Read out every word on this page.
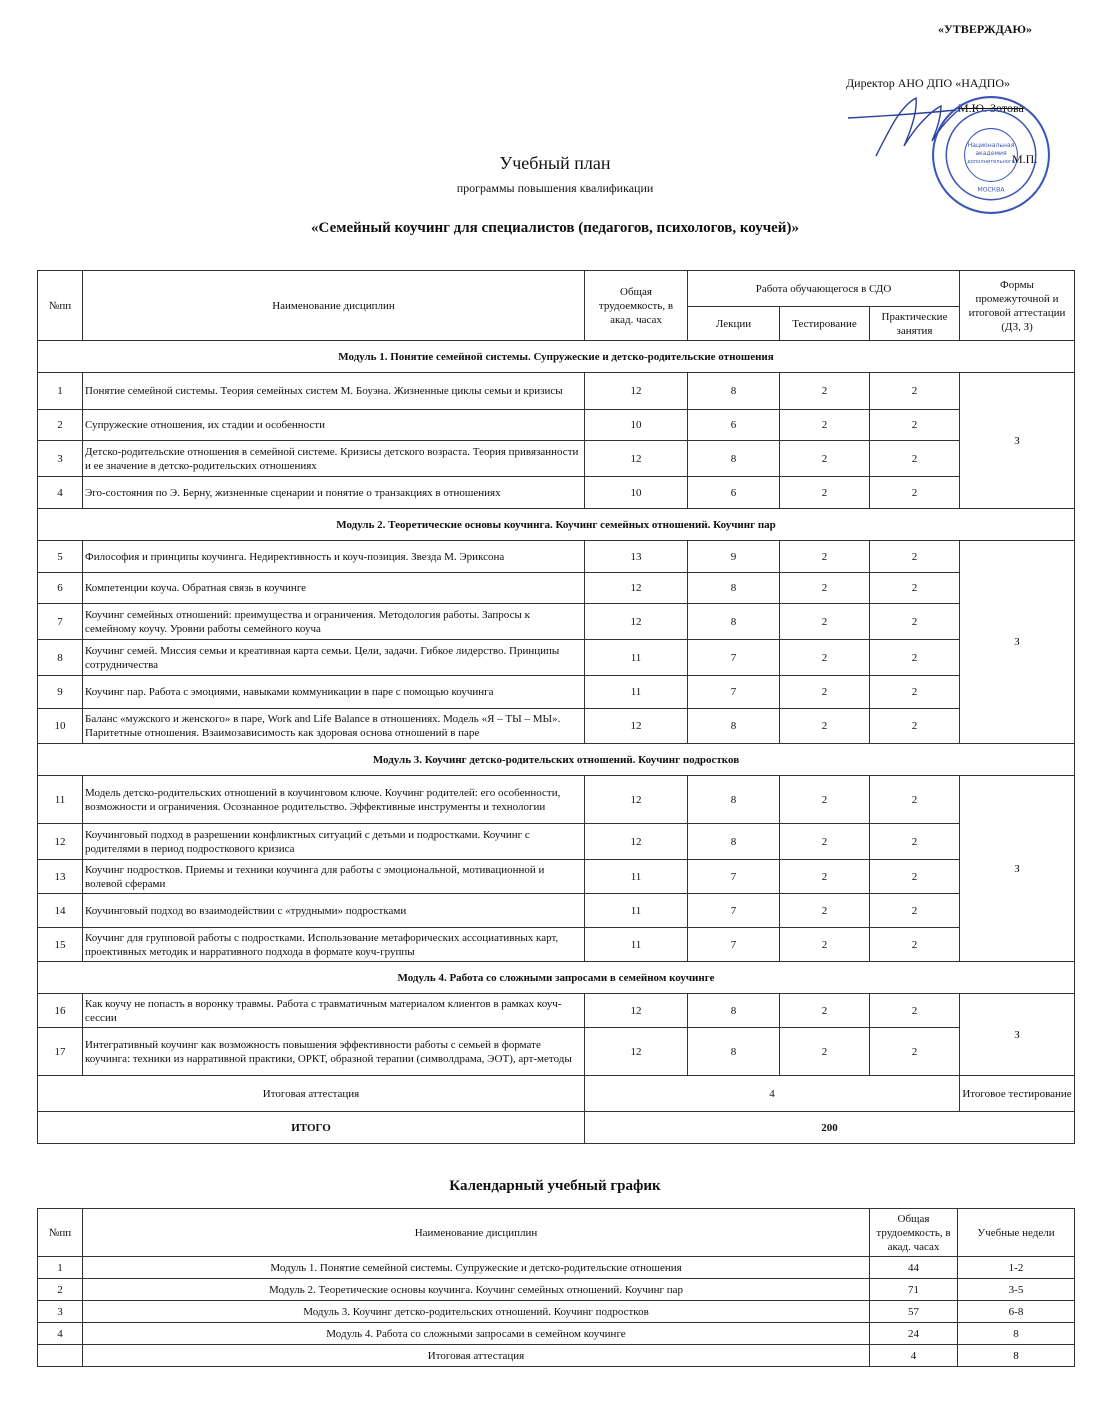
«УТВЕРЖДАЮ»
Директор АНО ДПО «НАДПО»
М.Ю. Зотова
Национальная
академия
дополнительного
МОСКВА
М.П.
Учебный план
программы повышения квалификации
«Семейный коучинг для специалистов (педагогов, психологов, коучей)»
№пп	Наименование дисциплин	Общая трудоемкость, в акад. часах	Работа обучающегося в СДО			Формы промежуточной и итоговой аттестации (ДЗ, З)
			Лекции	Тестирование	Практические занятия	
Модуль 1. Понятие семейной системы. Супружеские и детско-родительские отношения						
1	Понятие семейной системы. Теория семейных систем М. Боуэна. Жизненные циклы семьи и кризисы	12	8	2	2	З
2	Супружеские отношения, их стадии и особенности	10	6	2	2	
3	Детско-родительские отношения в семейной системе. Кризисы детского возраста. Теория привязанности и ее значение в детско-родительских отношениях	12	8	2	2	
4	Эго-состояния по Э. Берну, жизненные сценарии и понятие о транзакциях в отношениях	10	6	2	2	
Модуль 2. Теоретические основы коучинга. Коучинг семейных отношений. Коучинг пар						
5	Философия и принципы коучинга. Недирективность и коуч-позиция. Звезда М. Эриксона	13	9	2	2	З
6	Компетенции коуча. Обратная связь в коучинге	12	8	2	2	
7	Коучинг семейных отношений: преимущества и ограничения. Методология работы. Запросы к семейному коучу. Уровни работы семейного коуча	12	8	2	2	
8	Коучинг семей. Миссия семьи и креативная карта семьи. Цели, задачи. Гибкое лидерство. Принципы сотрудничества	11	7	2	2	
9	Коучинг пар. Работа с эмоциями, навыками коммуникации в паре с помощью коучинга	11	7	2	2	
10	Баланс «мужского и женского» в паре, Work and Life Balance в отношениях. Модель «Я – ТЫ – МЫ». Паритетные отношения. Взаимозависимость как здоровая основа отношений в паре	12	8	2	2	
Модуль 3. Коучинг детско-родительских отношений. Коучинг подростков						
11	Модель детско-родительских отношений в коучинговом ключе. Коучинг родителей: его особенности, возможности и ограничения. Осознанное родительство. Эффективные инструменты и технологии	12	8	2	2	З
12	Коучинговый подход в разрешении конфликтных ситуаций с детьми и подростками. Коучинг с родителями в период подросткового кризиса	12	8	2	2	
13	Коучинг подростков. Приемы и техники коучинга для работы с эмоциональной, мотивационной и волевой сферами	11	7	2	2	
14	Коучинговый подход во взаимодействии с «трудными» подростками	11	7	2	2	
15	Коучинг для групповой работы с подростками. Использование метафорических ассоциативных карт, проективных методик и нарративного подхода в формате коуч-группы	11	7	2	2	
Модуль 4. Работа со сложными запросами в семейном коучинге						
16	Как коучу не попасть в воронку травмы. Работа с травматичным материалом клиентов в рамках коуч-сессии	12	8	2	2	З
17	Интегративный коучинг как возможность повышения эффективности работы с семьей в формате коучинга: техники из нарративной практики, ОРКТ, образной терапии (символдрама, ЭОТ), арт-методы	12	8	2	2	
Итоговая аттестация		4				Итоговое тестирование
ИТОГО		200				
Календарный учебный график
№пп	Наименование дисциплин	Общая трудоемкость, в акад. часах	Учебные недели
1	Модуль 1. Понятие семейной системы. Супружеские и детско-родительские отношения	44	1-2
2	Модуль 2. Теоретические основы коучинга. Коучинг семейных отношений. Коучинг пар	71	3-5
3	Модуль 3. Коучинг детско-родительских отношений. Коучинг подростков	57	6-8
4	Модуль 4. Работа со сложными запросами в семейном коучинге	24	8
	Итоговая аттестация	4	8
